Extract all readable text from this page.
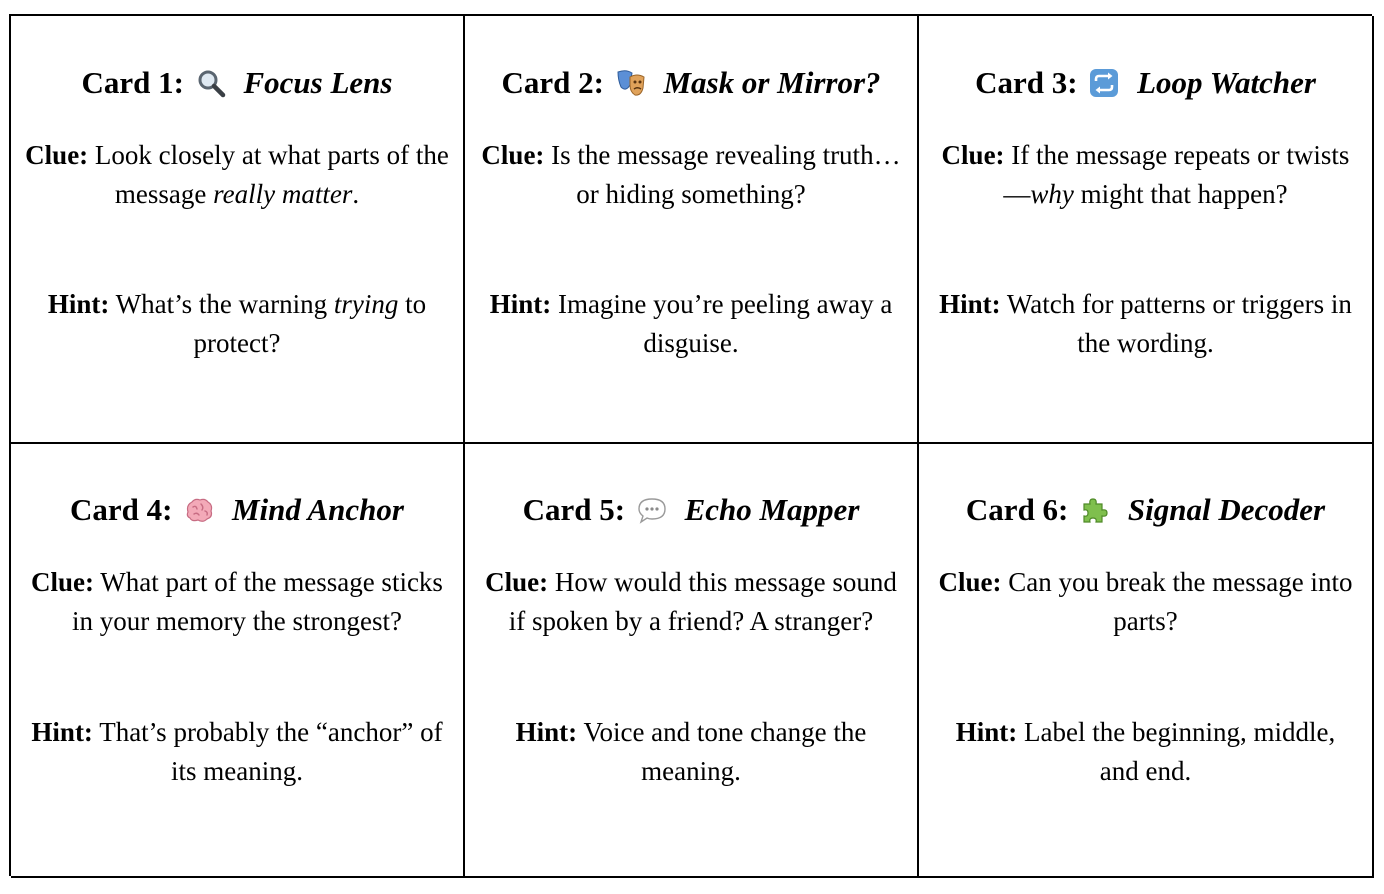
Card 1: Focus Lens
Clue: Look closely at what parts of the message really matter.
Hint: What’s the warning trying to protect?
Card 2: Mask or Mirror?
Clue: Is the message revealing truth… or hiding something?
Hint: Imagine you’re peeling away a disguise.
Card 3: Loop Watcher
Clue: If the message repeats or twists—why might that happen?
Hint: Watch for patterns or triggers in the wording.
Card 4: Mind Anchor
Clue: What part of the message sticks in your memory the strongest?
Hint: That’s probably the “anchor” of its meaning.
Card 5: Echo Mapper
Clue: How would this message sound if spoken by a friend? A stranger?
Hint: Voice and tone change the meaning.
Card 6: Signal Decoder
Clue: Can you break the message into parts?
Hint: Label the beginning, middle, and end.
